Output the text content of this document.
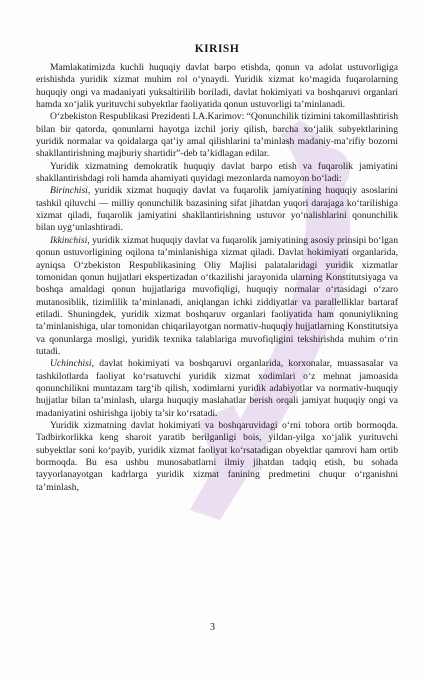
KIRISH

Mamlakatimizda kuchli huquqiy davlat barpo etishda, qonun va adolat ustuvorligiga erishishda yuridik xizmat muhim rol o‘ynaydi. Yuridik xizmat ko‘magida fuqarolarning huquqiy ongi va madaniyati yuksaltirilib boriladi, davlat hokimiyati va boshqaruvi organlari hamda xo‘jalik yurituvchi subyektlar faoliyatida qonun ustuvorligi ta’minlanadi.

O‘zbekiston Respublikasi Prezidenti I.A.Karimov: “Qonunchilik tizimini takomillashtirish bilan bir qatorda, qonunlarni hayotga izchil joriy qilish, barcha xo‘jalik subyektlarining yuridik normalar va qoidalarga qat’iy amal qilishlarini ta’minlash madaniy-ma’rifiy bozorni shakllantirishning majburiy shartidir”-deb ta’kidlagan edilar.

Yuridik xizmatning demokratik huquqiy davlat barpo etish va fuqarolik jamiyatini shakllantirishdagi roli hamda ahamiyati quyidagi mezonlarda namoyon bo‘ladi:

Birinchisi, yuridik xizmat huquqiy davlat va fuqarolik jamiyatining huquqiy asoslarini tashkil qiluvchi — milliy qonunchilik bazasining sifat jihatdan yuqori darajaga ko‘tarilishiga xizmat qiladi, fuqarolik jamiyatini shakllantirishning ustuvor yo‘nalishlarini qonunchilik bilan uyg‘unlashtiradi.

Ikkinchisi, yuridik xizmat huquqiy davlat va fuqarolik jamiyatining asosiy prinsipi bo‘lgan qonun ustuvorligining oqilona ta’minlanishiga xizmat qiladi. Davlat hokimiyati organlarida, ayniqsa O‘zbekiston Respublikasining Oliy Majlisi palatalaridagi yuridik xizmatlar tomonidan qonun hujjatlari ekspertizadan o‘tkazilishi jarayonida ularning Konstitutsiyaga va boshqa amaldagi qonun hujjatlariga muvofiqligi, huquqiy normalar o‘rtasidagi o‘zaro mutanosiblik, tizimlilik ta’minlanadi, aniqlangan ichki ziddiyatlar va parallelliklar bartaraf etiladi. Shuningdek, yuridik xizmat boshqaruv organlari faoliyatida ham qonuniylikning ta’minlanishiga, ular tomonidan chiqarilayotgan normativ-huquqiy hujjatlarning Konstitutsiya va qonunlarga mosligi, yuridik texnika talablariga muvofiqligini tekshirishda muhim o‘rin tutadi.

Uchinchisi, davlat hokimiyati va boshqaruvi organlarida, korxonalar, muassasalar va tashkilotlarda faoliyat ko‘rsatuvchi yuridik xizmat xodimlari o‘z mehnat jamoasida qonunchilikni muntazam targ‘ib qilish, xodimlarni yuridik adabiyotlar va normativ-huquqiy hujjatlar bilan ta’minlash, ularga huquqiy maslahatlar berish orqali jamiyat huquqiy ongi va madaniyatini oshirishga ijobiy ta’sir ko‘rsatadi.

Yuridik xizmatning davlat hokimiyati va boshqaruvidagi o‘rni tobora ortib bormoqda. Tadbirkorlikka keng sharoit yaratib berilganligi bois, yildan-yilga xo‘jalik yurituvchi subyektlar soni ko‘payib, yuridik xizmat faoliyat ko‘rsatadigan obyektlar qamrovi ham ortib bormoqda. Bu esa ushbu munosabatlarni ilmiy jihatdan tadqiq etish, bu sohada tayyorlanayotgan kadrlarga yuridik xizmat fanining predmetini chuqur o‘rganishni ta’minlash,

3
